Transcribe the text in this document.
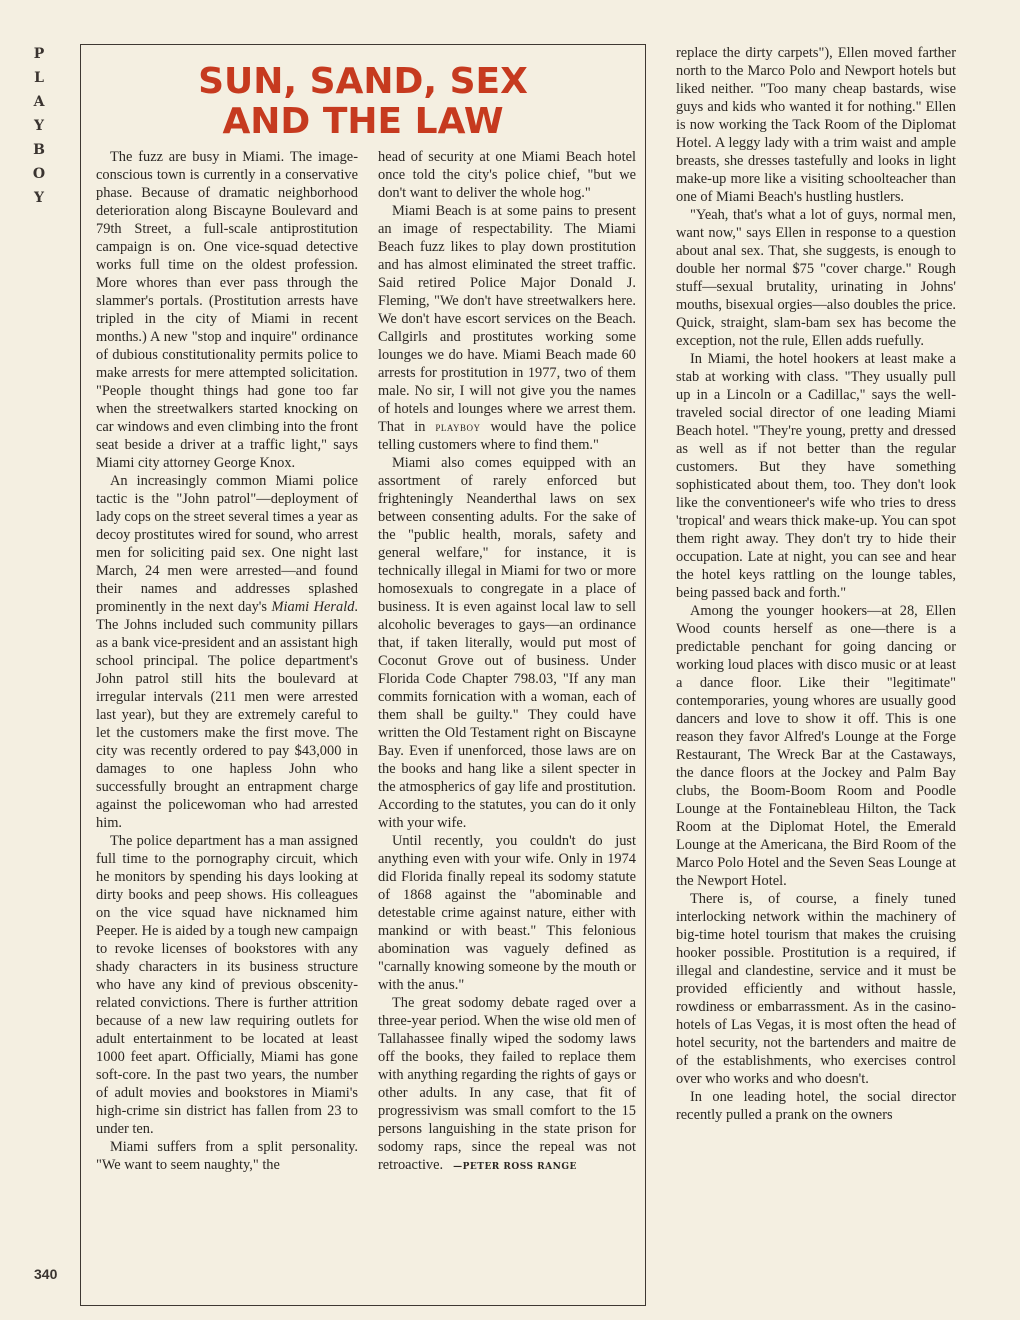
P
L
A
Y
B
O
Y
340
SUN, SAND, SEX
AND THE LAW

The fuzz are busy in Miami. The image-conscious town is currently in a conservative phase. Because of dramatic neighborhood deterioration along Biscayne Boulevard and 79th Street, a full-scale antiprostitution campaign is on. One vice-squad detective works full time on the oldest profession. More whores than ever pass through the slammer's portals. (Prostitution arrests have tripled in the city of Miami in recent months.) A new "stop and inquire" ordinance of dubious constitutionality permits police to make arrests for mere attempted solicitation. "People thought things had gone too far when the streetwalkers started knocking on car windows and even climbing into the front seat beside a driver at a traffic light," says Miami city attorney George Knox.

An increasingly common Miami police tactic is the "John patrol"—deployment of lady cops on the street several times a year as decoy prostitutes wired for sound, who arrest men for soliciting paid sex. One night last March, 24 men were arrested—and found their names and addresses splashed prominently in the next day's Miami Herald. The Johns included such community pillars as a bank vice-president and an assistant high school principal. The police department's John patrol still hits the boulevard at irregular intervals (211 men were arrested last year), but they are extremely careful to let the customers make the first move. The city was recently ordered to pay $43,000 in damages to one hapless John who successfully brought an entrapment charge against the policewoman who had arrested him.

The police department has a man assigned full time to the pornography circuit, which he monitors by spending his days looking at dirty books and peep shows. His colleagues on the vice squad have nicknamed him Peeper. He is aided by a tough new campaign to revoke licenses of bookstores with any shady characters in its business structure who have any kind of previous obscenity-related convictions. There is further attrition because of a new law requiring outlets for adult entertainment to be located at least 1000 feet apart. Officially, Miami has gone soft-core. In the past two years, the number of adult movies and bookstores in Miami's high-crime sin district has fallen from 23 to under ten.

Miami suffers from a split personality. "We want to seem naughty," the

head of security at one Miami Beach hotel once told the city's police chief, "but we don't want to deliver the whole hog."

Miami Beach is at some pains to present an image of respectability. The Miami Beach fuzz likes to play down prostitution and has almost eliminated the street traffic. Said retired Police Major Donald J. Fleming, "We don't have streetwalkers here. We don't have escort services on the Beach. Callgirls and prostitutes working some lounges we do have. Miami Beach made 60 arrests for prostitution in 1977, two of them male. No sir, I will not give you the names of hotels and lounges where we arrest them. That in playboy would have the police telling customers where to find them."

Miami also comes equipped with an assortment of rarely enforced but frighteningly Neanderthal laws on sex between consenting adults. For the sake of the "public health, morals, safety and general welfare," for instance, it is technically illegal in Miami for two or more homosexuals to congregate in a place of business. It is even against local law to sell alcoholic beverages to gays—an ordinance that, if taken literally, would put most of Coconut Grove out of business. Under Florida Code Chapter 798.03, "If any man commits fornication with a woman, each of them shall be guilty." They could have written the Old Testament right on Biscayne Bay. Even if unenforced, those laws are on the books and hang like a silent specter in the atmospherics of gay life and prostitution. According to the statutes, you can do it only with your wife.

Until recently, you couldn't do just anything even with your wife. Only in 1974 did Florida finally repeal its sodomy statute of 1868 against the "abominable and detestable crime against nature, either with mankind or with beast." This felonious abomination was vaguely defined as "carnally knowing someone by the mouth or with the anus."

The great sodomy debate raged over a three-year period. When the wise old men of Tallahassee finally wiped the sodomy laws off the books, they failed to replace them with anything regarding the rights of gays or other adults. In any case, that fit of progressivism was small comfort to the 15 persons languishing in the state prison for sodomy raps, since the repeal was not retroactive. —PETER ROSS RANGE

replace the dirty carpets"), Ellen moved farther north to the Marco Polo and Newport hotels but liked neither. "Too many cheap bastards, wise guys and kids who wanted it for nothing." Ellen is now working the Tack Room of the Diplomat Hotel. A leggy lady with a trim waist and ample breasts, she dresses tastefully and looks in light make-up more like a visiting schoolteacher than one of Miami Beach's hustling hustlers.

"Yeah, that's what a lot of guys, normal men, want now," says Ellen in response to a question about anal sex. That, she suggests, is enough to double her normal $75 "cover charge." Rough stuff—sexual brutality, urinating in Johns' mouths, bisexual orgies—also doubles the price. Quick, straight, slam-bam sex has become the exception, not the rule, Ellen adds ruefully.

In Miami, the hotel hookers at least make a stab at working with class. "They usually pull up in a Lincoln or a Cadillac," says the well-traveled social director of one leading Miami Beach hotel. "They're young, pretty and dressed as well as if not better than the regular customers. But they have something sophisticated about them, too. They don't look like the conventioneer's wife who tries to dress 'tropical' and wears thick make-up. You can spot them right away. They don't try to hide their occupation. Late at night, you can see and hear the hotel keys rattling on the lounge tables, being passed back and forth."

Among the younger hookers—at 28, Ellen Wood counts herself as one—there is a predictable penchant for going dancing or working loud places with disco music or at least a dance floor. Like their "legitimate" contemporaries, young whores are usually good dancers and love to show it off. This is one reason they favor Alfred's Lounge at the Forge Restaurant, The Wreck Bar at the Castaways, the dance floors at the Jockey and Palm Bay clubs, the Boom-Boom Room and Poodle Lounge at the Fontainebleau Hilton, the Tack Room at the Diplomat Hotel, the Emerald Lounge at the Americana, the Bird Room of the Marco Polo Hotel and the Seven Seas Lounge at the Newport Hotel.

There is, of course, a finely tuned interlocking network within the machinery of big-time hotel tourism that makes the cruising hooker possible. Prostitution is a required, if illegal and clandestine, service and it must be provided efficiently and without hassle, rowdiness or embarrassment. As in the casino-hotels of Las Vegas, it is most often the head of hotel security, not the bartenders and maitre de of the establishments, who exercises control over who works and who doesn't.

In one leading hotel, the social director recently pulled a prank on the owners
